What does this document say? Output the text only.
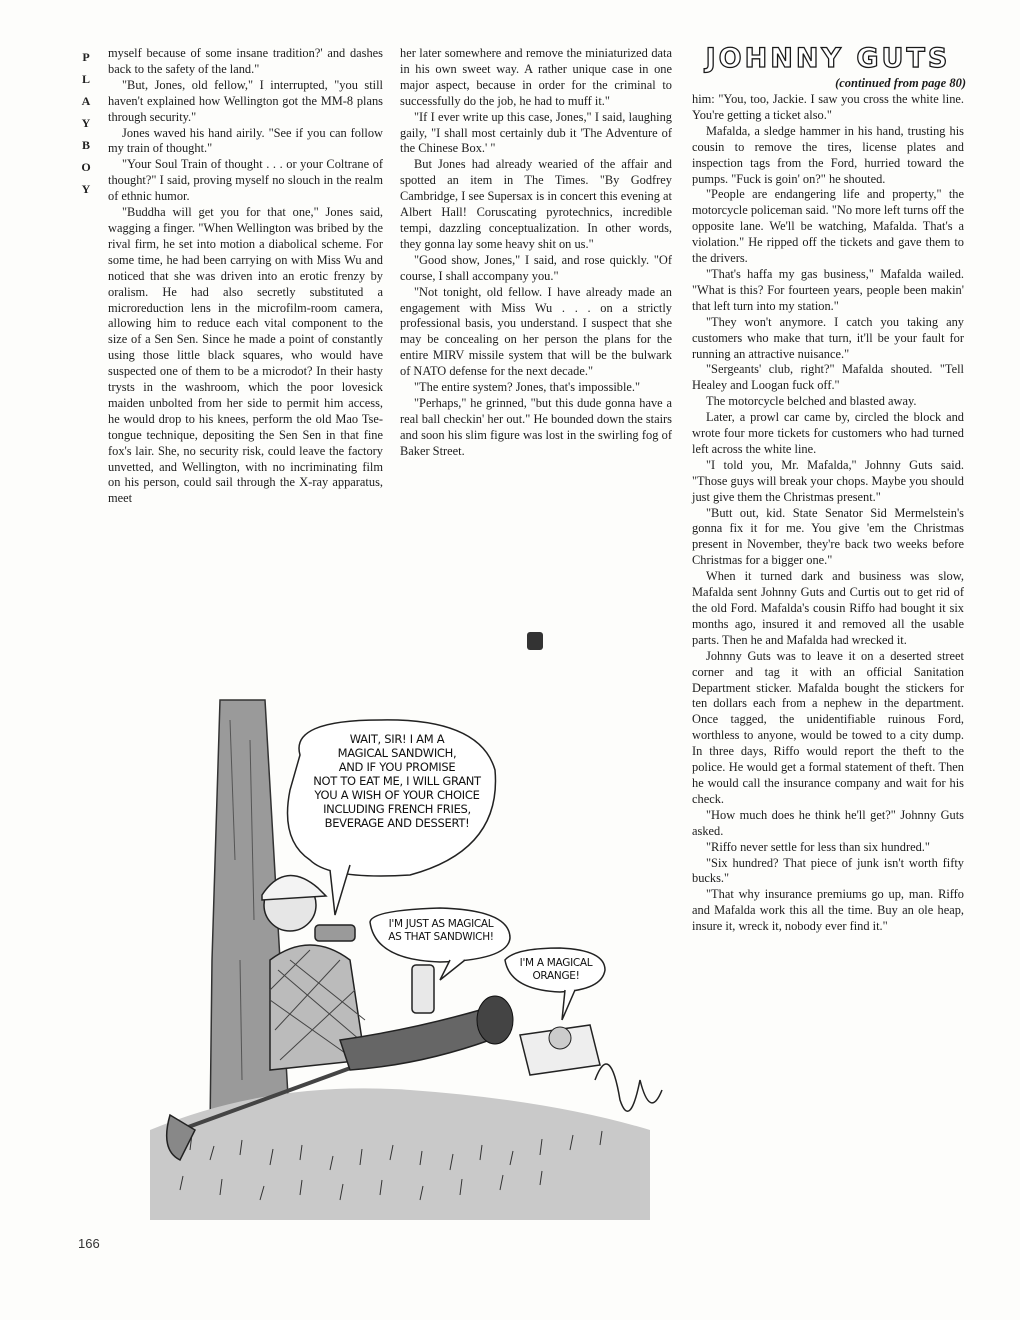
P
L
A
Y
B
O
Y

myself because of some insane tradition?' and dashes back to the safety of the land."

"But, Jones, old fellow," I interrupted, "you still haven't explained how Wellington got the MM-8 plans through security."

Jones waved his hand airily. "See if you can follow my train of thought."

"Your Soul Train of thought . . . or your Coltrane of thought?" I said, proving myself no slouch in the realm of ethnic humor.

"Buddha will get you for that one," Jones said, wagging a finger. "When Wellington was bribed by the rival firm, he set into motion a diabolical scheme. For some time, he had been carrying on with Miss Wu and noticed that she was driven into an erotic frenzy by oralism. He had also secretly substituted a microreduction lens in the microfilm-room camera, allowing him to reduce each vital component to the size of a Sen Sen. Since he made a point of constantly using those little black squares, who would have suspected one of them to be a microdot? In their hasty trysts in the washroom, which the poor lovesick maiden unbolted from her side to permit him access, he would drop to his knees, perform the old Mao Tse-tongue technique, depositing the Sen Sen in that fine fox's lair. She, no security risk, could leave the factory unvetted, and Wellington, with no incriminating film on his person, could sail through the X-ray apparatus, meet

her later somewhere and remove the miniaturized data in his own sweet way. A rather unique case in one major aspect, because in order for the criminal to successfully do the job, he had to muff it."

"If I ever write up this case, Jones," I said, laughing gaily, "I shall most certainly dub it 'The Adventure of the Chinese Box.' "

But Jones had already wearied of the affair and spotted an item in The Times. "By Godfrey Cambridge, I see Supersax is in concert this evening at Albert Hall! Coruscating pyrotechnics, incredible tempi, dazzling conceptualization. In other words, they gonna lay some heavy shit on us."

"Good show, Jones," I said, and rose quickly. "Of course, I shall accompany you."

"Not tonight, old fellow. I have already made an engagement with Miss Wu . . . on a strictly professional basis, you understand. I suspect that she may be concealing on her person the plans for the entire MIRV missile system that will be the bulwark of NATO defense for the next decade."

"The entire system? Jones, that's impossible."

"Perhaps," he grinned, "but this dude gonna have a real ball checkin' her out." He bounded down the stairs and soon his slim figure was lost in the swirling fog of Baker Street.

JOHNNY GUTS
(continued from page 80)

him: "You, too, Jackie. I saw you cross the white line. You're getting a ticket also."

Mafalda, a sledge hammer in his hand, trusting his cousin to remove the tires, license plates and inspection tags from the Ford, hurried toward the pumps. "Fuck is goin' on?" he shouted.

"People are endangering life and property," the motorcycle policeman said. "No more left turns off the opposite lane. We'll be watching, Mafalda. That's a violation." He ripped off the tickets and gave them to the drivers.

"That's haffa my gas business," Mafalda wailed. "What is this? For fourteen years, people been makin' that left turn into my station."

"They won't anymore. I catch you taking any customers who make that turn, it'll be your fault for running an attractive nuisance."

"Sergeants' club, right?" Mafalda shouted. "Tell Healey and Loogan fuck off."

The motorcycle belched and blasted away.

Later, a prowl car came by, circled the block and wrote four more tickets for customers who had turned left across the white line.

"I told you, Mr. Mafalda," Johnny Guts said. "Those guys will break your chops. Maybe you should just give them the Christmas present."

"Butt out, kid. State Senator Sid Mermelstein's gonna fix it for me. You give 'em the Christmas present in November, they're back two weeks before Christmas for a bigger one."

When it turned dark and business was slow, Mafalda sent Johnny Guts and Curtis out to get rid of the old Ford. Mafalda's cousin Riffo had bought it six months ago, insured it and removed all the usable parts. Then he and Mafalda had wrecked it.

Johnny Guts was to leave it on a deserted street corner and tag it with an official Sanitation Department sticker. Mafalda bought the stickers for ten dollars each from a nephew in the department. Once tagged, the unidentifiable ruinous Ford, worthless to anyone, would be towed to a city dump. In three days, Riffo would report the theft to the police. He would get a formal statement of theft. Then he would call the insurance company and wait for his check.

"How much does he think he'll get?" Johnny Guts asked.

"Riffo never settle for less than six hundred."

"Six hundred? That piece of junk isn't worth fifty bucks."

"That why insurance premiums go up, man. Riffo and Mafalda work this all the time. Buy an ole heap, insure it, wreck it, nobody ever find it."

WAIT, SIR! I AM A
MAGICAL SANDWICH,
AND IF YOU PROMISE
NOT TO EAT ME, I WILL GRANT
YOU A WISH OF YOUR CHOICE
INCLUDING FRENCH FRIES,
BEVERAGE AND DESSERT!
I'M JUST AS MAGICAL
AS THAT SANDWICH!
I'M A MAGICAL
ORANGE!
166
